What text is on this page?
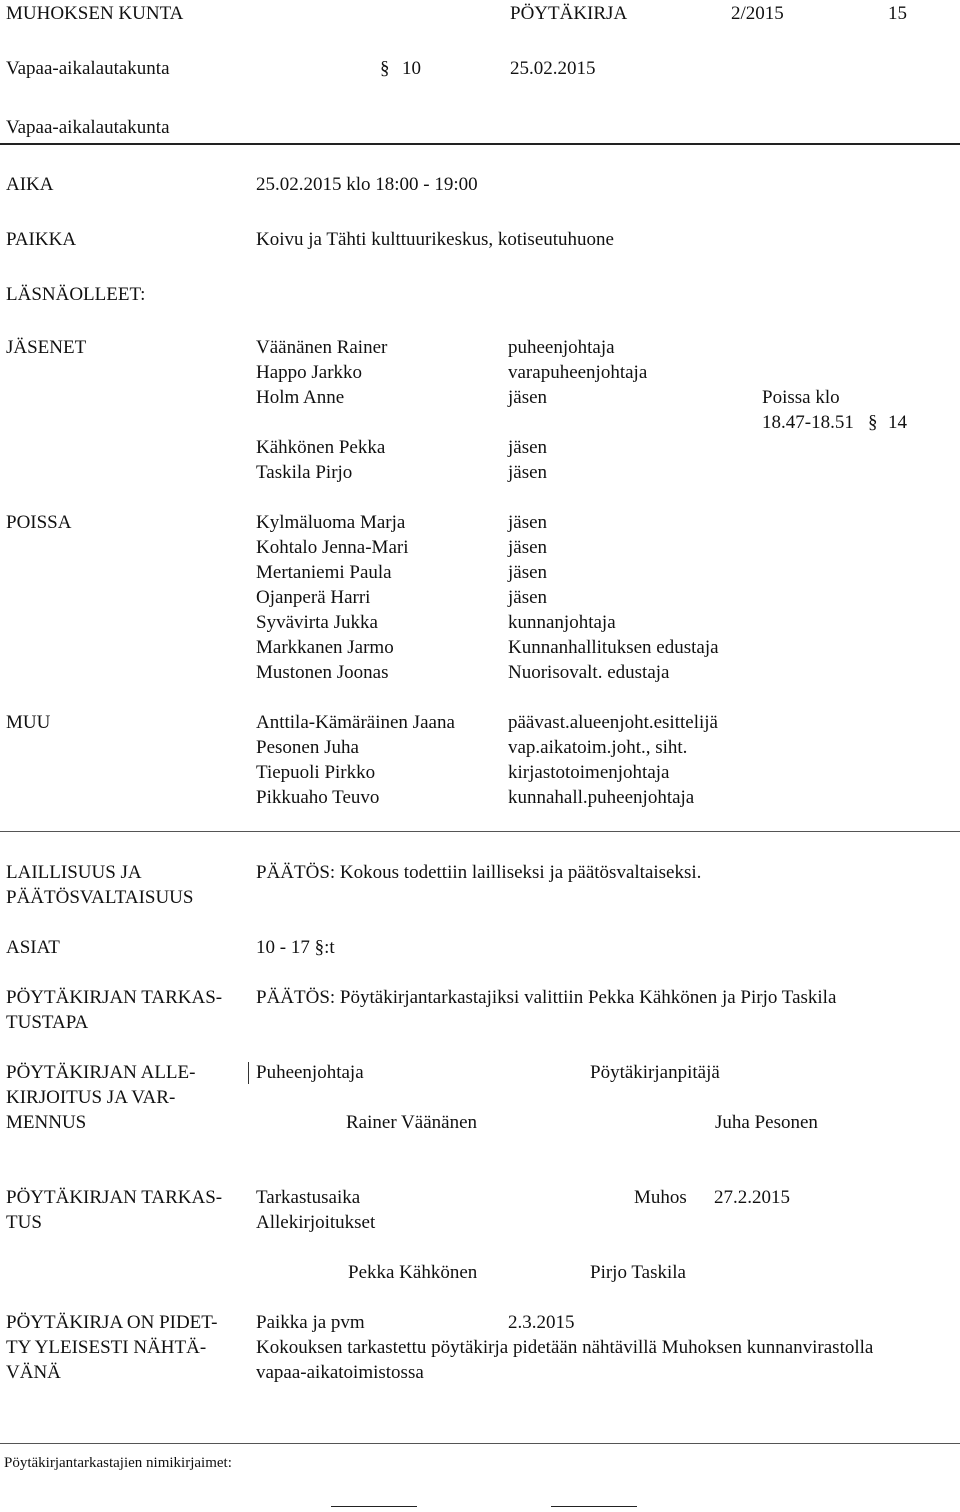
MUHOKSEN KUNTA	PÖYTÄKIRJA	2/2015	15
Vapaa-aikalautakunta	§ 10	25.02.2015
Vapaa-aikalautakunta
AIKA	25.02.2015 klo 18:00 - 19:00
PAIKKA	Koivu ja Tähti kulttuurikeskus, kotiseutuhuone
LÄSNÄOLLEET:
JÄSENET	Väänänen Rainer	puheenjohtaja
Happo Jarkko	varapuheenjohtaja
Holm Anne	jäsen	Poissa klo
18.47-18.51 § 14
Kähkönen Pekka	jäsen
Taskila Pirjo	jäsen
POISSA	Kylmäluoma Marja	jäsen
Kohtalo Jenna-Mari	jäsen
Mertaniemi Paula	jäsen
Ojanperä Harri	jäsen
Syvävirta Jukka	kunnanjohtaja
Markkanen Jarmo	Kunnanhallituksen edustaja
Mustonen Joonas	Nuorisovalt. edustaja
MUU	Anttila-Kämäräinen Jaana	päävast.alueenjoht.esittelijä
Pesonen Juha	vap.aikatoim.joht., siht.
Tiepuoli Pirkko	kirjastotoimenjohtaja
Pikkuaho Teuvo	kunnahall.puheenjohtaja
LAILLISUUS JA
PÄÄTÖSVALTAISUUS
PÄÄTÖS: Kokous todettiin lailliseksi ja päätösvaltaiseksi.
ASIAT	10 - 17 §:t
PÖYTÄKIRJAN TARKAS-
TUSTAPA
PÄÄTÖS: Pöytäkirjantarkastajiksi valittiin Pekka Kähkönen ja Pirjo Taskila
PÖYTÄKIRJAN ALLE-
KIRJOITUS JA VAR-
MENNUS
Puheenjohtaja	Pöytäkirjanpitäjä
Rainer Väänänen	Juha Pesonen
PÖYTÄKIRJAN TARKAS-
TUS
Tarkastusaika	Muhos 27.2.2015
Allekirjoitukset
Pekka Kähkönen	Pirjo Taskila
PÖYTÄKIRJA ON PIDET-
TY YLEISESTI NÄHTÄ-
VÄNÄ
Paikka ja pvm	2.3.2015
Kokouksen tarkastettu pöytäkirja pidetään nähtävillä Muhoksen kunnanvirastolla
vapaa-aikatoimistossa
Pöytäkirjantarkastajien nimikirjaimet:
